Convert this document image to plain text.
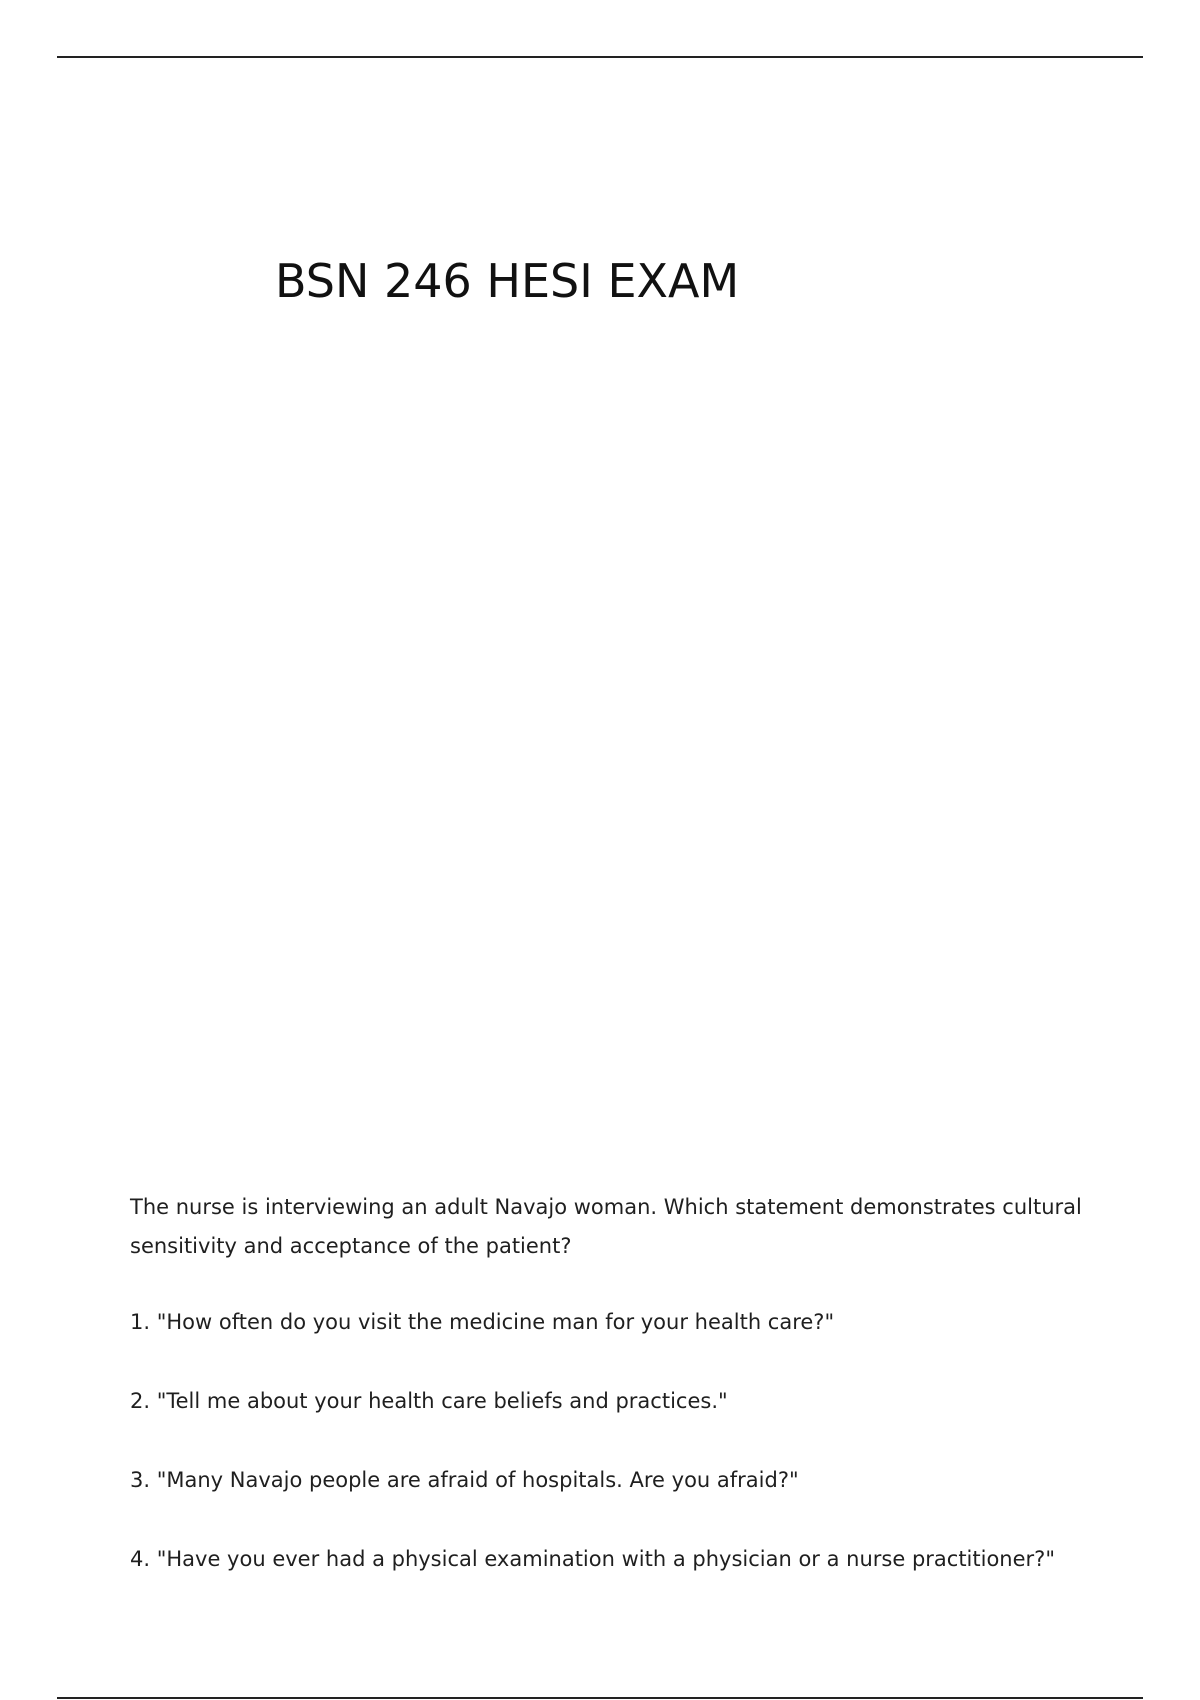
BSN 246 HESI EXAM

The nurse is interviewing an adult Navajo woman. Which statement demonstrates cultural sensitivity and acceptance of the patient?

1. "How often do you visit the medicine man for your health care?"
2. "Tell me about your health care beliefs and practices."
3. "Many Navajo people are afraid of hospitals. Are you afraid?"
4. "Have you ever had a physical examination with a physician or a nurse practitioner?"
